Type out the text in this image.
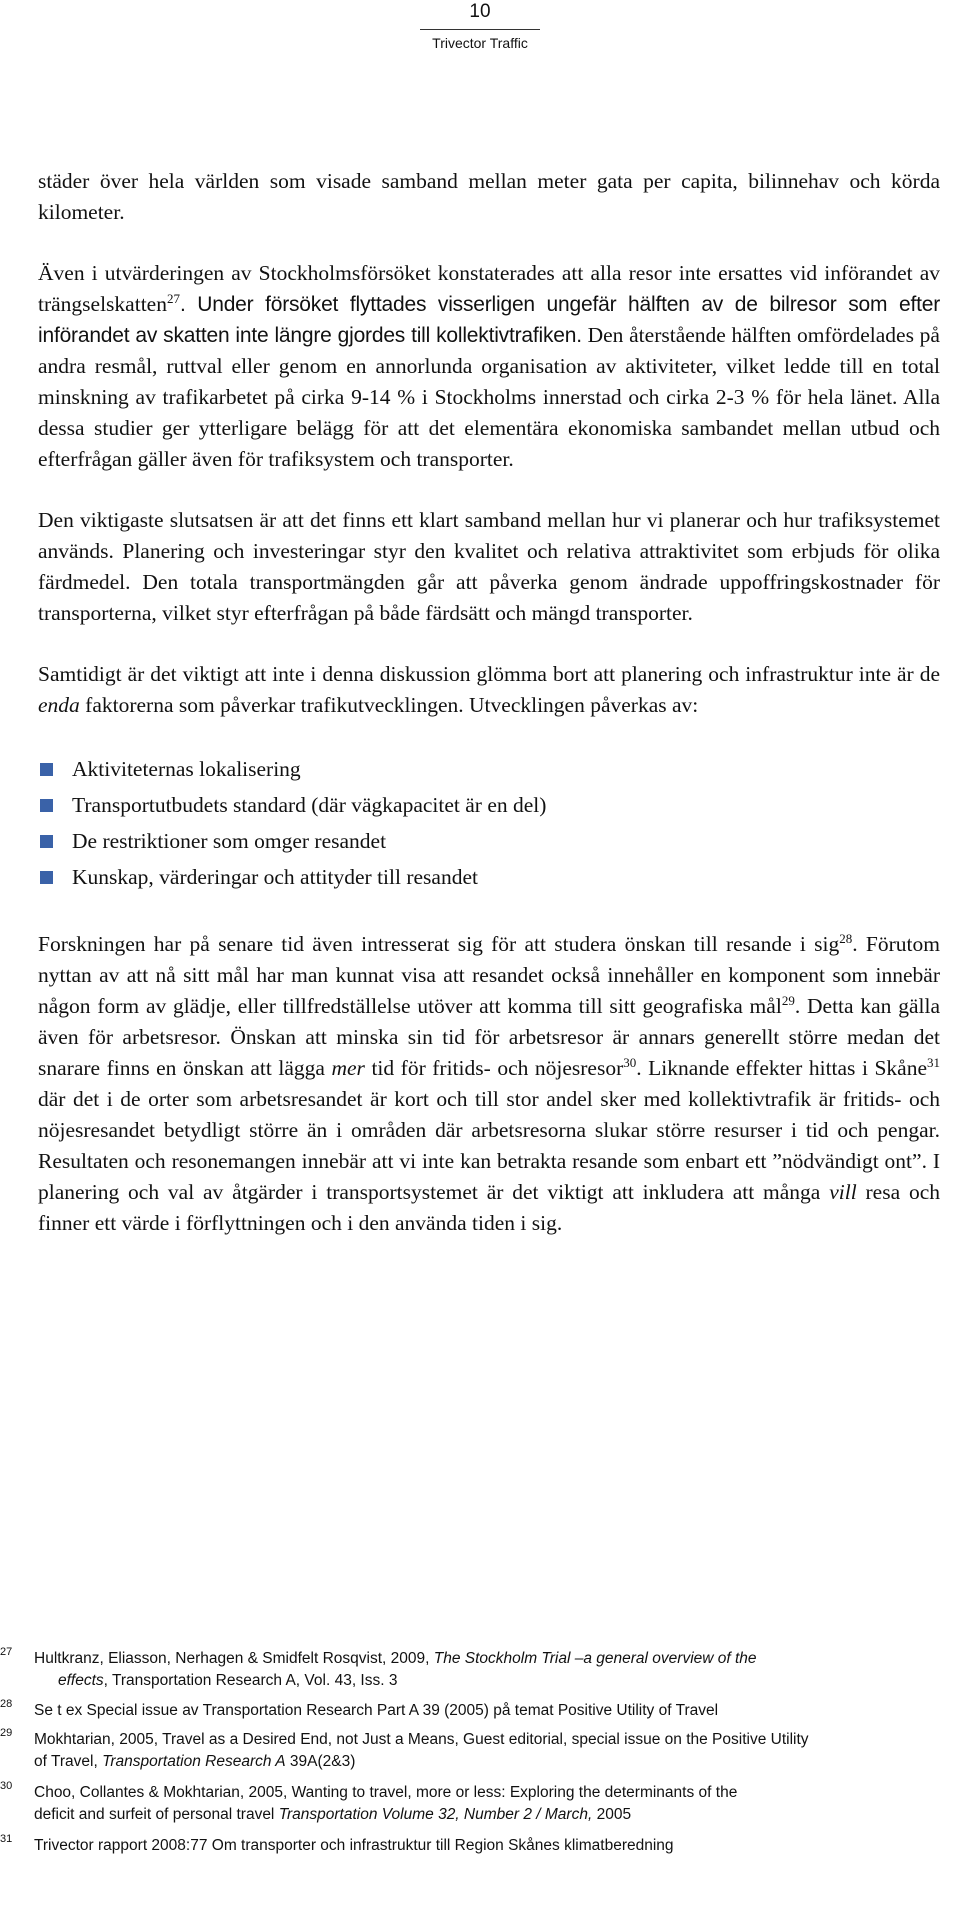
10
Trivector Traffic

städer över hela världen som visade samband mellan meter gata per capita, bilinnehav och körda kilometer.

Även i utvärderingen av Stockholmsförsöket konstaterades att alla resor inte ersattes vid införandet av trängselskatten$^{27}$. Under försöket flyttades visserligen ungefär hälften av de bilresor som efter införandet av skatten inte längre gjordes till kollektivtrafiken. Den återstående hälften omfördelades på andra resmål, ruttval eller genom en annorlunda organisation av aktiviteter, vilket ledde till en total minskning av trafikarbetet på cirka 9-14 % i Stockholms innerstad och cirka 2-3 % för hela länet. Alla dessa studier ger ytterligare belägg för att det elementära ekonomiska sambandet mellan utbud och efterfrågan gäller även för trafiksystem och transporter.

Den viktigaste slutsatsen är att det finns ett klart samband mellan hur vi planerar och hur trafiksystemet används. Planering och investeringar styr den kvalitet och relativa attraktivitet som erbjuds för olika färdmedel. Den totala transportmängden går att påverka genom ändrade uppoffringskostnader för transporterna, vilket styr efterfrågan på både färdsätt och mängd transporter.

Samtidigt är det viktigt att inte i denna diskussion glömma bort att planering och infrastruktur inte är de enda faktorerna som påverkar trafikutvecklingen. Utvecklingen påverkas av:

Aktiviteternas lokalisering
Transportutbudets standard (där vägkapacitet är en del)
De restriktioner som omger resandet
Kunskap, värderingar och attityder till resandet

Forskningen har på senare tid även intresserat sig för att studera önskan till resande i sig$^{28}$. Förutom nyttan av att nå sitt mål har man kunnat visa att resandet också innehåller en komponent som innebär någon form av glädje, eller tillfredställelse utöver att komma till sitt geografiska mål$^{29}$. Detta kan gälla även för arbetsresor. Önskan att minska sin tid för arbetsresor är annars generellt större medan det snarare finns en önskan att lägga mer tid för fritids- och nöjesresor$^{30}$. Liknande effekter hittas i Skåne$^{31}$ där det i de orter som arbetsresandet är kort och till stor andel sker med kollektivtrafik är fritids- och nöjesresandet betydligt större än i områden där arbetsresorna slukar större resurser i tid och pengar. Resultaten och resonemangen innebär att vi inte kan betrakta resande som enbart ett ”nödvändigt ont”. I planering och val av åtgärder i transportsystemet är det viktigt att inkludera att många vill resa och finner ett värde i förflyttningen och i den använda tiden i sig.

27 Hultkranz, Eliasson, Nerhagen & Smidfelt Rosqvist, 2009, The Stockholm Trial –a general overview of the
effects, Transportation Research A, Vol. 43, Iss. 3
28 Se t ex Special issue av Transportation Research Part A 39 (2005) på temat Positive Utility of Travel
29 Mokhtarian, 2005, Travel as a Desired End, not Just a Means, Guest editorial, special issue on the Positive Utility
of Travel, Transportation Research A 39A(2&3)
30 Choo, Collantes & Mokhtarian, 2005, Wanting to travel, more or less: Exploring the determinants of the
deficit and surfeit of personal travel Transportation Volume 32, Number 2 / March, 2005
31 Trivector rapport 2008:77 Om transporter och infrastruktur till Region Skånes klimatberedning
